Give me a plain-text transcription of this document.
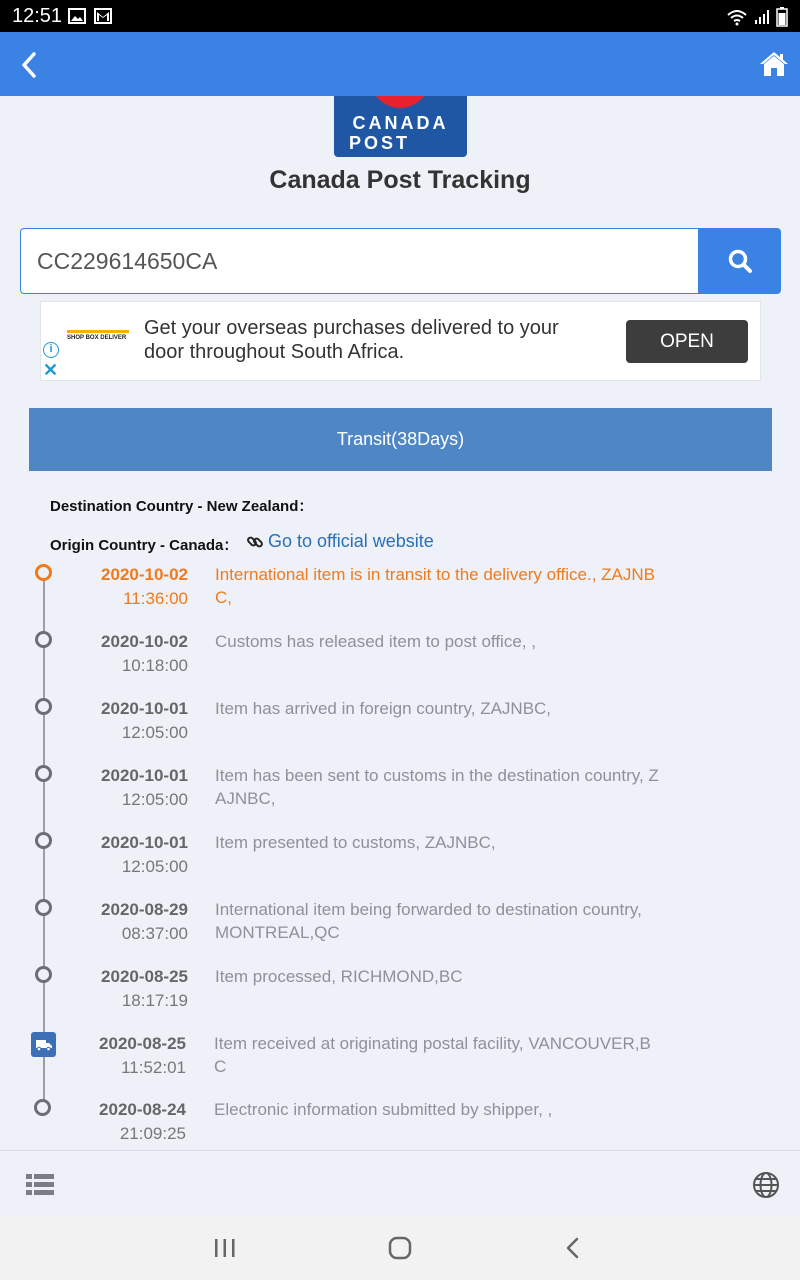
12:51
CANADA
POST
Canada Post Tracking
CC229614650CA
i
✕
SHOP BOX DELIVER Get your overseas purchases delivered to your door throughout South Africa.	OPEN
Transit(38Days)
Destination Country - New Zealand：
Origin Country - Canada： Go to official website
2020-10-02
11:36:00
International item is in transit to the delivery office., ZAJNBC,
2020-10-02
10:18:00
Customs has released item to post office, ,
2020-10-01
12:05:00
Item has arrived in foreign country, ZAJNBC,
2020-10-01
12:05:00
Item has been sent to customs in the destination country, ZAJNBC,
2020-10-01
12:05:00
Item presented to customs, ZAJNBC,
2020-08-29
08:37:00
International item being forwarded to destination country, MONTREAL,QC
2020-08-25
18:17:19
Item processed, RICHMOND,BC
2020-08-25
11:52:01
Item received at originating postal facility, VANCOUVER,BC
2020-08-24
21:09:25
Electronic information submitted by shipper, ,
